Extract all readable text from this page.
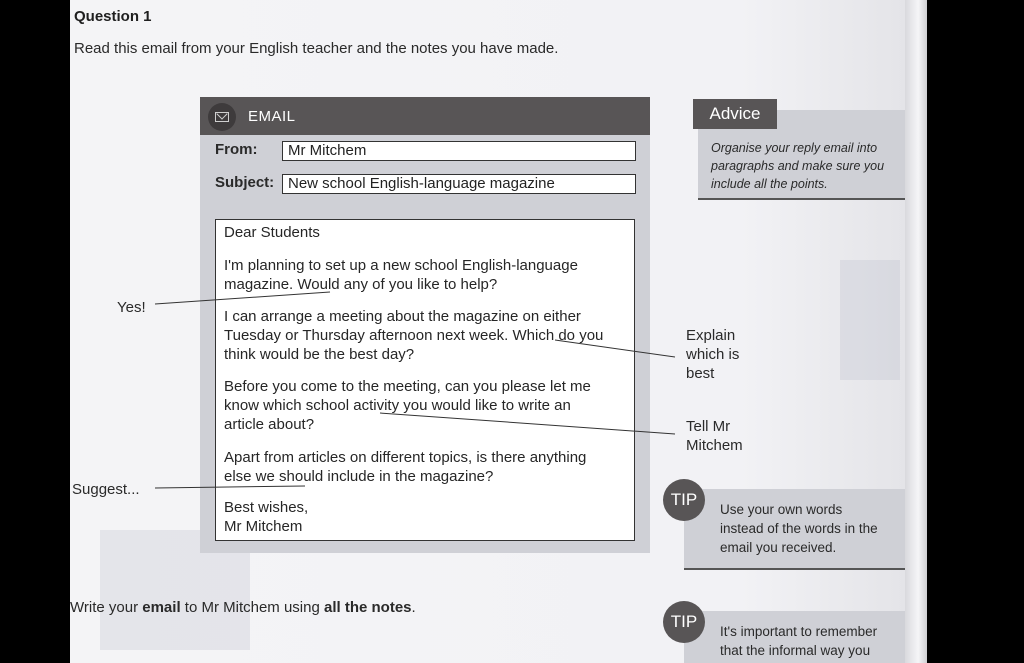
Question 1
Read this email from your English teacher and the notes you have made.
EMAIL
From:	Mr Mitchem
Subject: New school English-language magazine
Dear Students
I'm planning to set up a new school English-language
magazine. Would any of you like to help?
I can arrange a meeting about the magazine on either
Tuesday or Thursday afternoon next week. Which do you
think would be the best day?
Before you come to the meeting, can you please let me
know which school activity you would like to write an
article about?
Apart from articles on different topics, is there anything
else we should include in the magazine?
Best wishes,
Mr Mitchem
Yes!
Explain
which is
best
Tell Mr
Mitchem
Suggest...
Advice
Organise your reply email into
paragraphs and make sure you
include all the points.
TIP
Use your own words
instead of the words in the
email you received.
TIP
It's important to remember
that the informal way you
Write your email to Mr Mitchem using all the notes.
